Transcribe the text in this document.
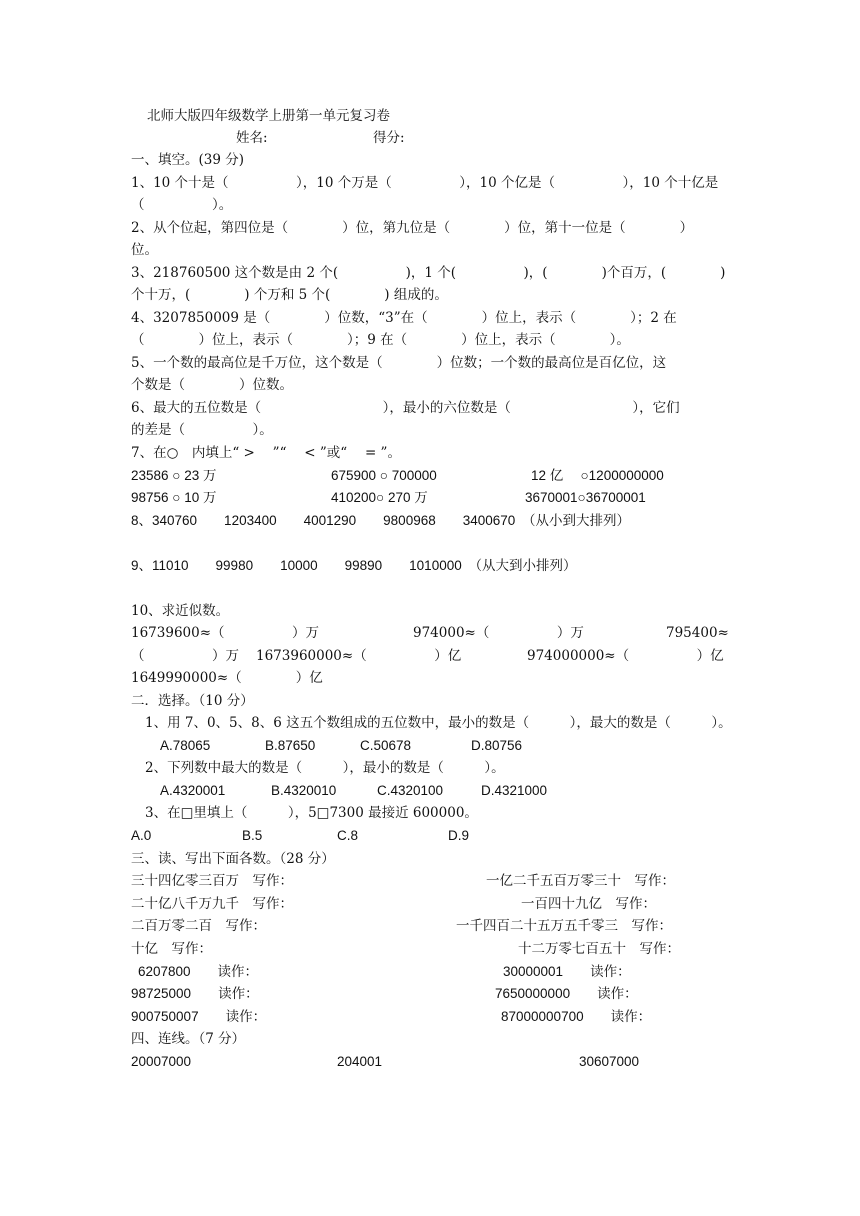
北师大版四年级数学上册第一单元复习卷
姓名:	得分:
一、填空。(39 分)
1、10 个十是（　　　　　），10 个万是（　　　　　），10 个亿是（　　　　　），10 个十亿是
（　　　　　）。
2、从个位起，第四位是（　　　　）位，第九位是（　　　　）位，第十一位是（　　　　）
位。
3、218760500 这个数是由 2 个(　　　　　)，1 个(　　　　　)，(　　　　)个百万，(　　　　)
个十万，(　　　　) 个万和 5 个(　　　　) 组成的。
4、3207850009 是（　　　　）位数，“3”在（　　　　）位上，表示（　　　　）；2 在
（　　　　）位上，表示（　　　　）；9 在（　　　　）位上，表示（　　　　）。
5、一个数的最高位是千万位，这个数是（　　　　）位数；一个数的最高位是百亿位，这
个数是（　　　　）位数。
6、最大的五位数是（　　　　　　　　　），最小的六位数是（　　　　　　　　　），它们
的差是（　　　　　）。
7、在○　内填上“ > 　”“ 　< ”或“ 　= ”。
23586 ○ 23 万	675900 ○ 700000	12 亿 　○1200000000
98756 ○ 10 万	410200○ 270 万	3670001○36700001
8、340760　　1203400　　4001290　　9800968　　3400670　（从小到大排列）
9、11010　　99980　　10000　　99890　　1010000　（从大到小排列）
10、求近似数。
16739600≈（　　　　　）万	974000≈（　　　　　）万	795400≈
（　　　　　）万 1673960000≈（　　　　　）亿	974000000≈（　　　　　）亿
1649990000≈（　　　　）亿
二．选择。（10 分）
1、用 7、0、5、8、6 这五个数组成的五位数中，最小的数是（　　　），最大的数是（　　　）。
A.78065	B.87650	C.50678	D.80756
2、下列数中最大的数是（　　　），最小的数是（　　　）。
A.4320001	B.4320010	C.4320100	D.4321000
3、在□里填上（　　　），5□7300 最接近 600000。
A.0	B.5	C.8	D.9
三、读、写出下面各数。（28 分）
三十四亿零三百万　写作：	一亿二千五百万零三十　写作：
二十亿八千万九千　写作：	一百四十九亿　写作：
二百万零二百　写作：	一千四百二十五万五千零三　写作：
十亿　写作：	十二万零七百五十　写作：
6207800　　读作：	30000001　　读作：
98725000　　读作：	7650000000　　读作：
900750007　　读作：	87000000700　　读作：
四、连线。（7 分）
20007000	204001	30607000
